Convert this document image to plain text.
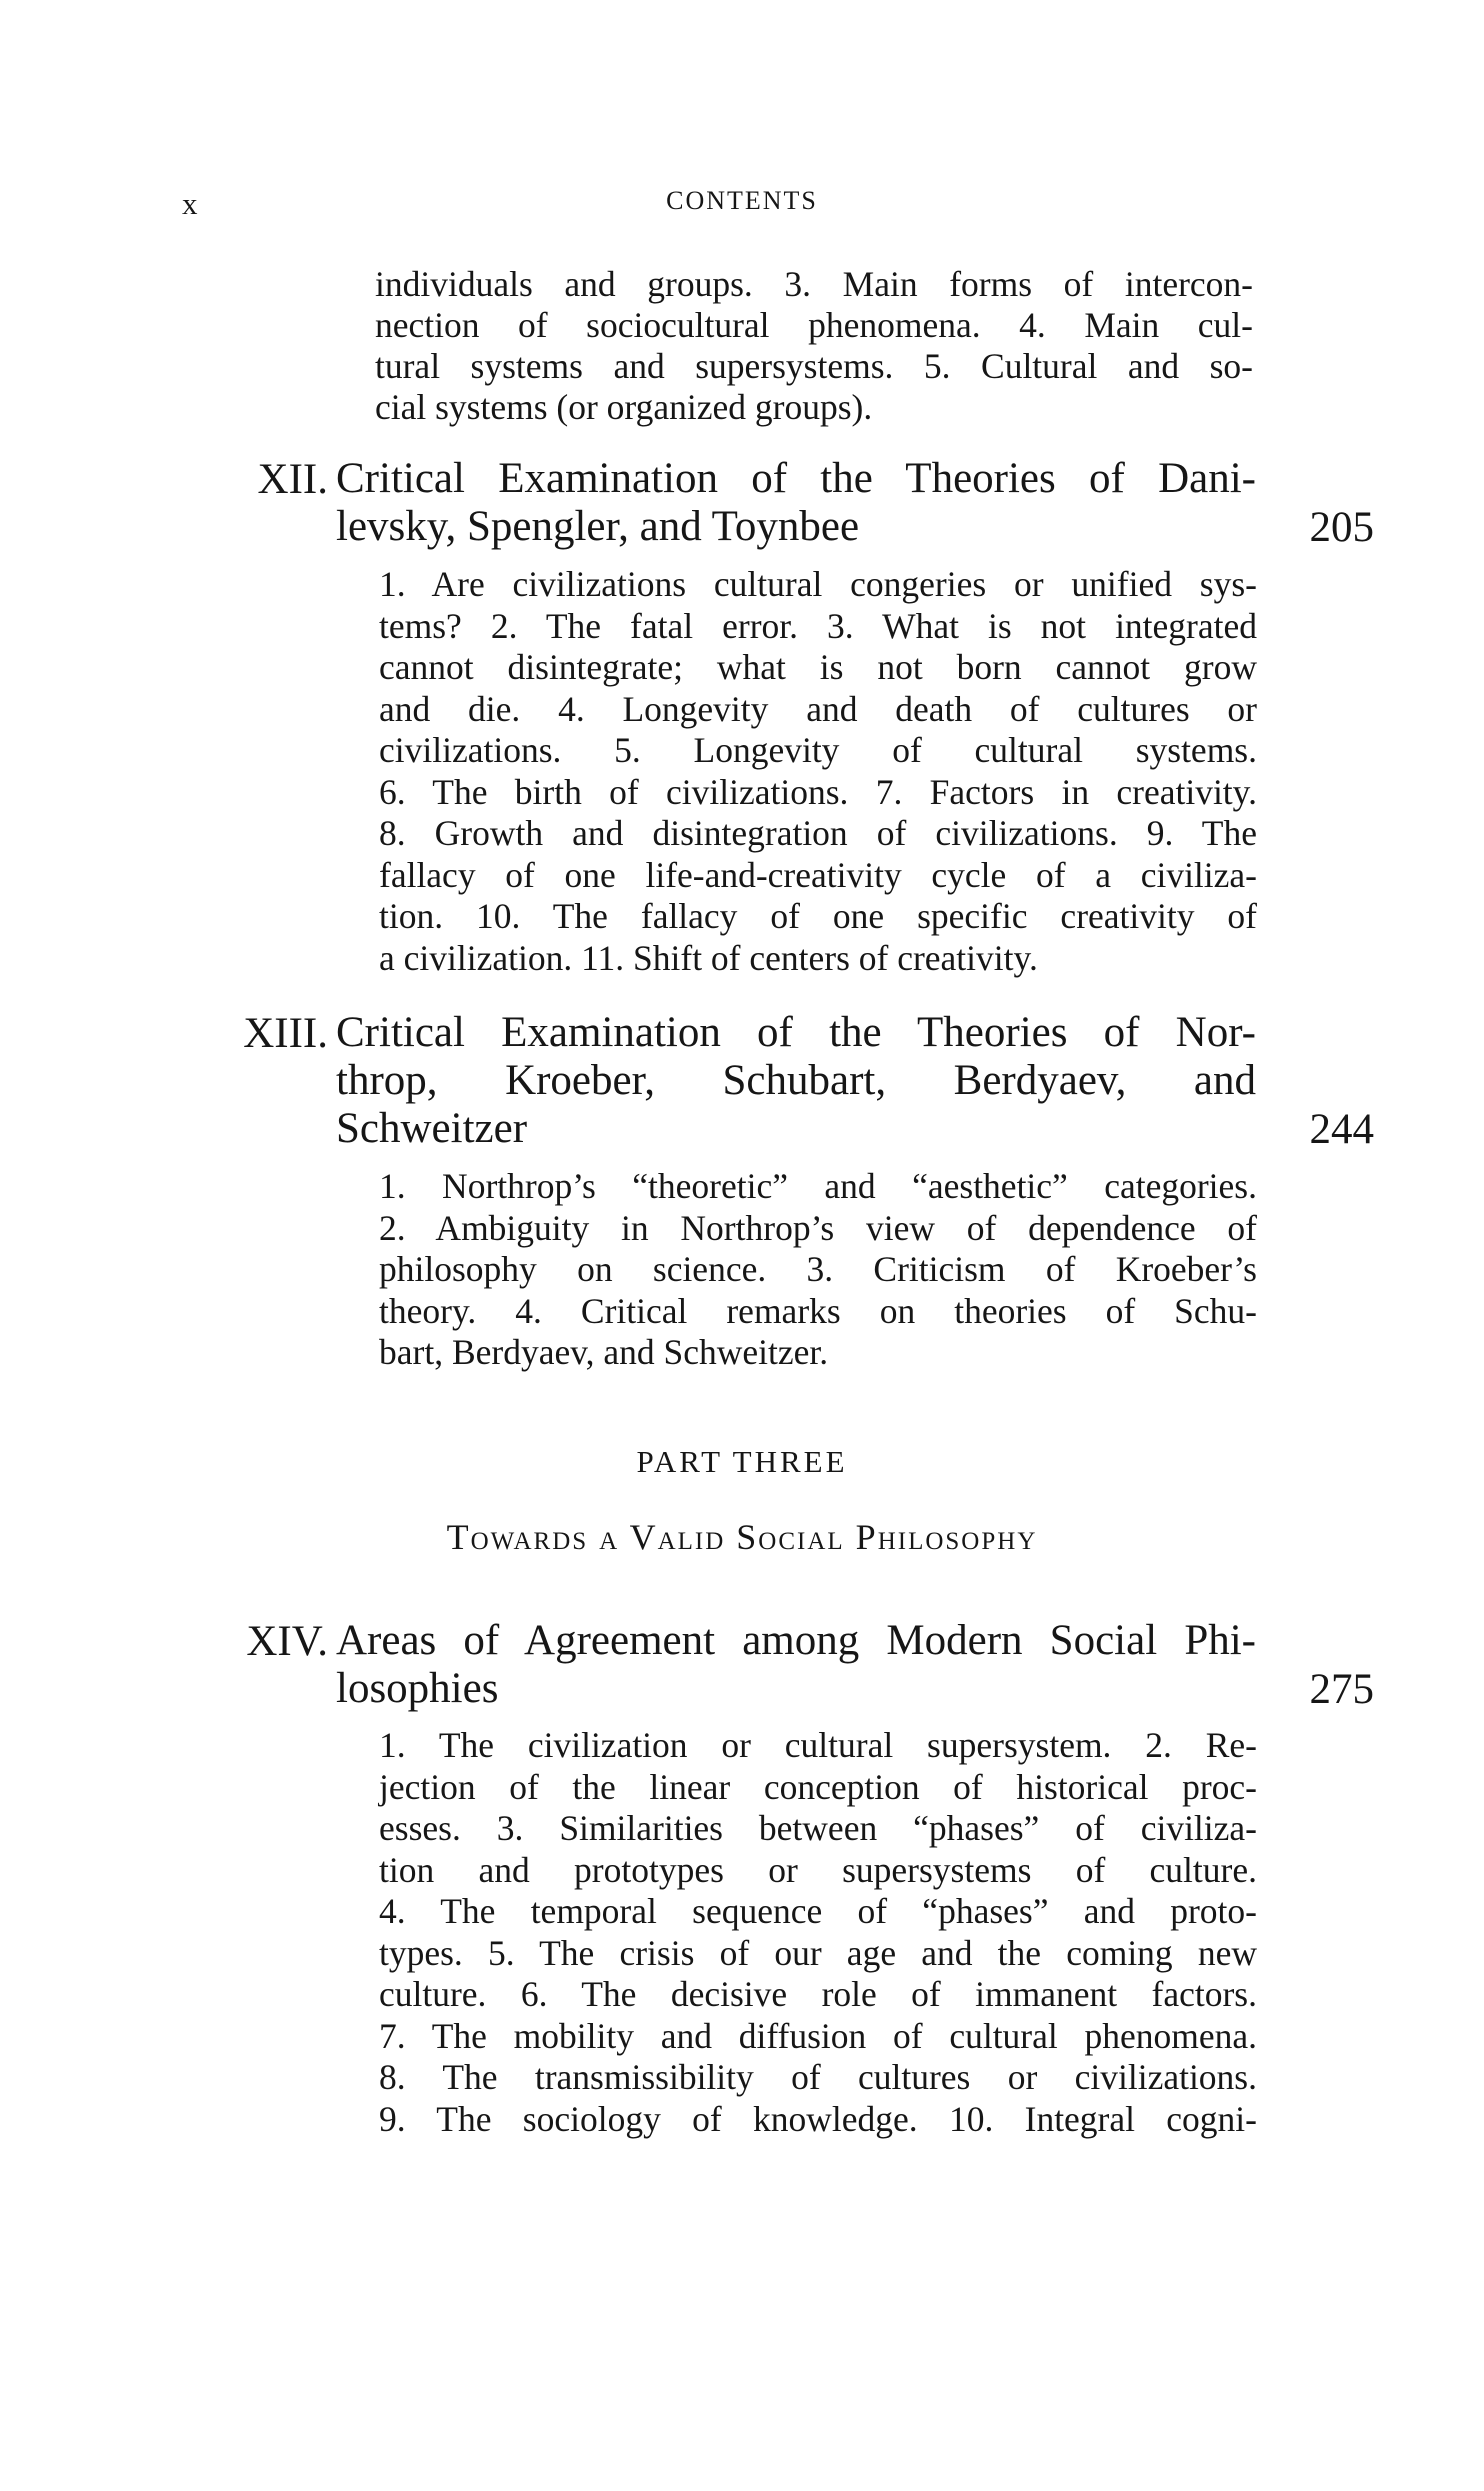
x	CONTENTS
individuals and groups. 3. Main forms of intercon-
nection of sociocultural phenomena. 4. Main cul-
tural systems and supersystems. 5. Cultural and so-
cial systems (or organized groups).
XII. Critical Examination of the Theories of Dani-
levsky, Spengler, and Toynbee	205
1. Are civilizations cultural congeries or unified sys-
tems? 2. The fatal error. 3. What is not integrated
cannot disintegrate; what is not born cannot grow
and die. 4. Longevity and death of cultures or
civilizations. 5. Longevity of cultural systems.
6. The birth of civilizations. 7. Factors in creativity.
8. Growth and disintegration of civilizations. 9. The
fallacy of one life-and-creativity cycle of a civiliza-
tion. 10. The fallacy of one specific creativity of
a civilization. 11. Shift of centers of creativity.
XIII. Critical Examination of the Theories of Nor-
throp, Kroeber, Schubart, Berdyaev, and
Schweitzer	244
1. Northrop’s “theoretic” and “aesthetic” categories.
2. Ambiguity in Northrop’s view of dependence of
philosophy on science. 3. Criticism of Kroeber’s
theory. 4. Critical remarks on theories of Schu-
bart, Berdyaev, and Schweitzer.
PART THREE
Towards a Valid Social Philosophy
XIV. Areas of Agreement among Modern Social Phi-
losophies	275
1. The civilization or cultural supersystem. 2. Re-
jection of the linear conception of historical proc-
esses. 3. Similarities between “phases” of civiliza-
tion and prototypes or supersystems of culture.
4. The temporal sequence of “phases” and proto-
types. 5. The crisis of our age and the coming new
culture. 6. The decisive role of immanent factors.
7. The mobility and diffusion of cultural phenomena.
8. The transmissibility of cultures or civilizations.
9. The sociology of knowledge. 10. Integral cogni-
